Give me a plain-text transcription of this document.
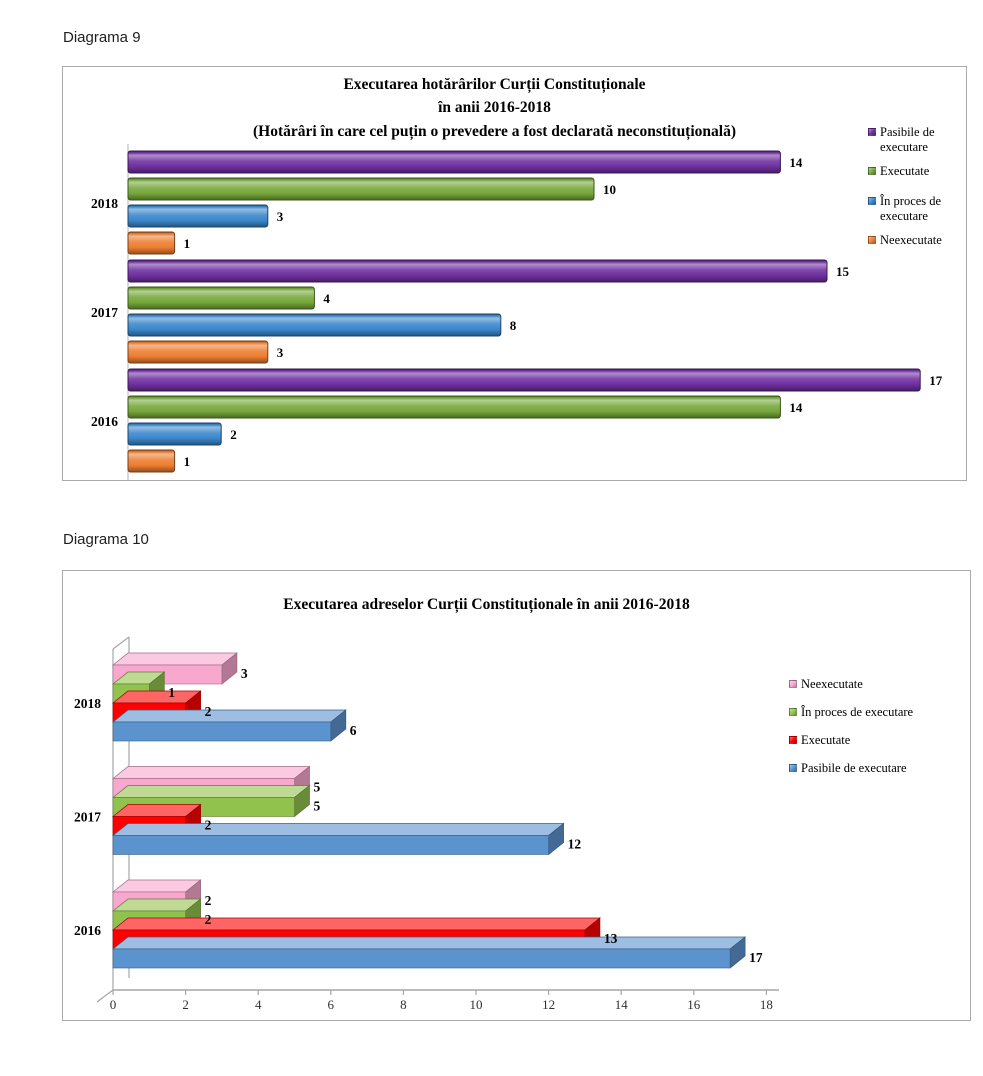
Diagrama 9
Executarea hotărârilor Curții Constituționale
în anii 2016-2018
(Hotărâri în care cel puțin o prevedere a fost declarată neconstituțională)
2018
2017
2016
14
10
3
1
15
4
8
3
17
14
2
1
Pasibile de executare
Executate
În proces de executare
Neexecutate
Diagrama 10
Executarea adreselor Curții Constituționale în anii 2016-2018
0	2	4	6	8	10	12	14	16	18
2018
2017
2016
3
1
2
6
5
5
2
12
2
2
13
17
Neexecutate
În proces de executare
Executate
Pasibile de executare
